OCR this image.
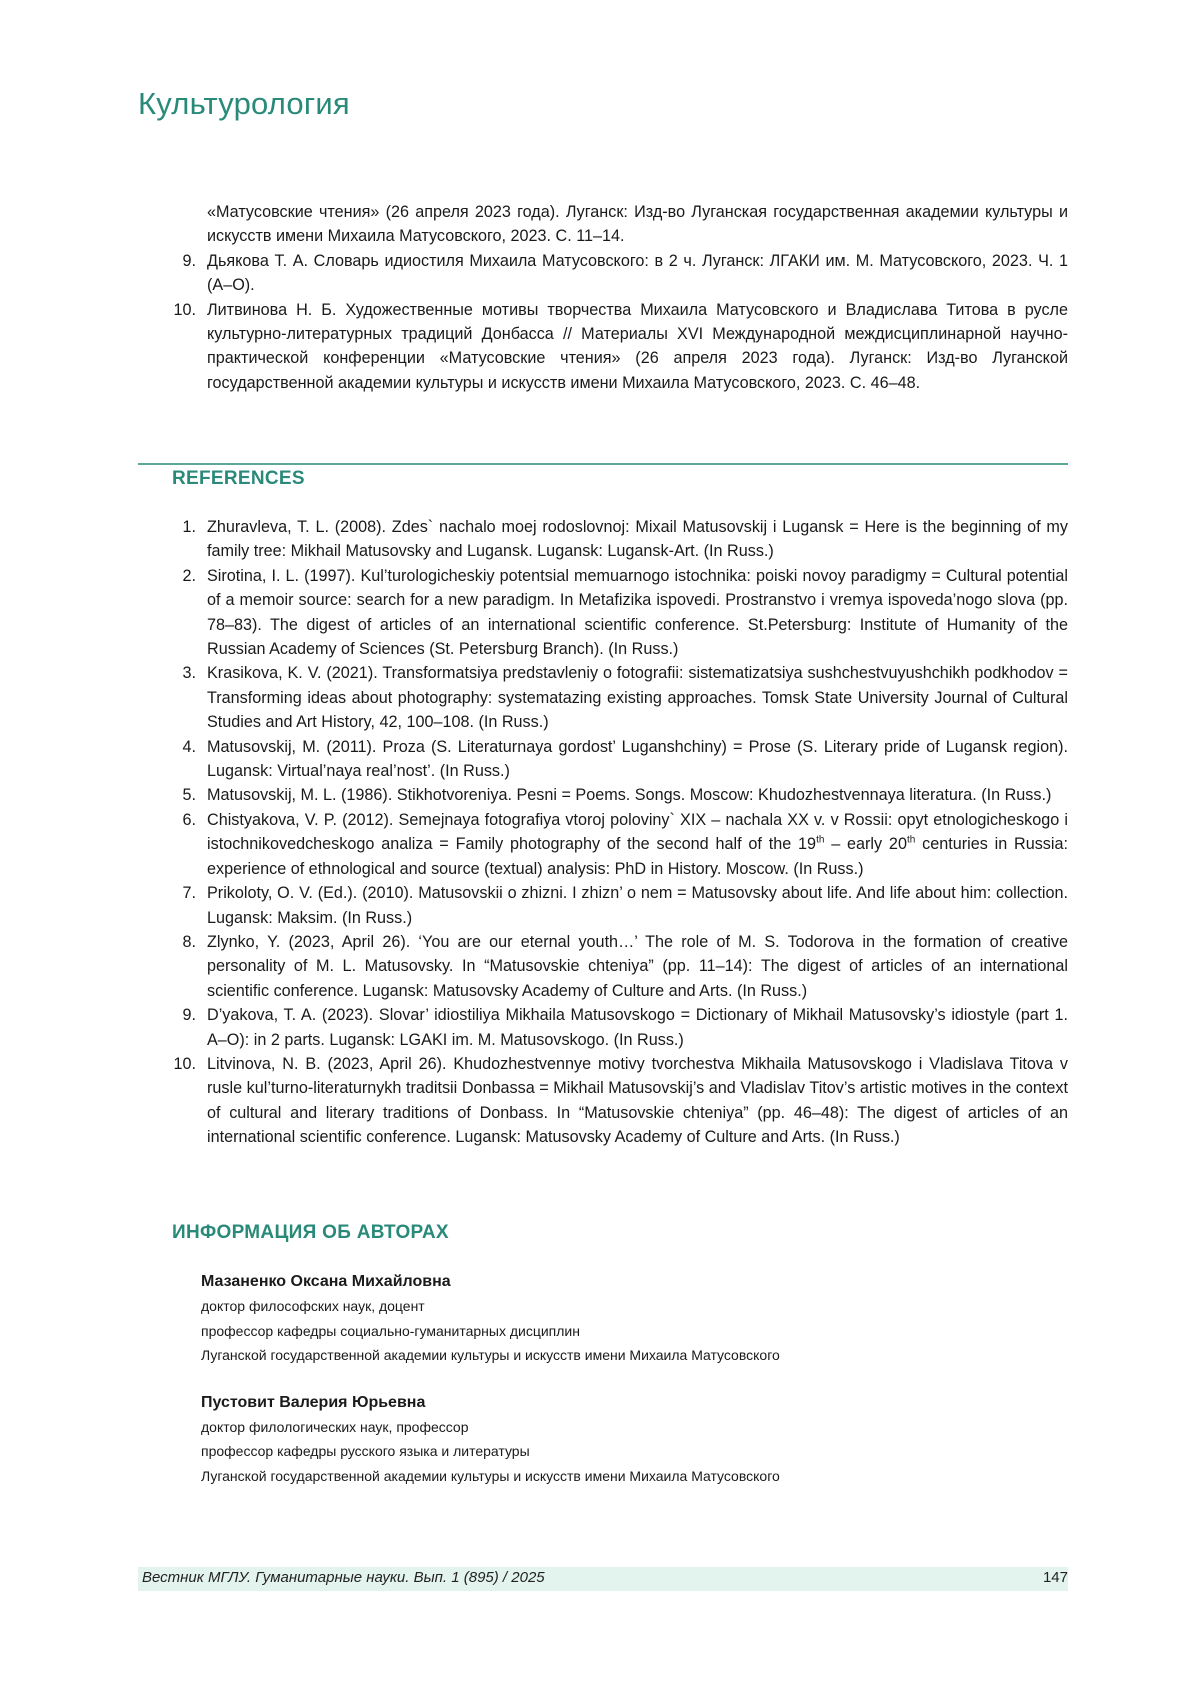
Культурология
«Матусовские чтения» (26 апреля 2023 года). Луганск: Изд-во Луганская государственная академии культуры и искусств имени Михаила Матусовского, 2023. С. 11–14.
9. Дьякова Т. А. Словарь идиостиля Михаила Матусовского: в 2 ч. Луганск: ЛГАКИ им. М. Матусовского, 2023. Ч. 1 (А–О).
10. Литвинова Н. Б. Художественные мотивы творчества Михаила Матусовского и Владислава Титова в русле культурно-литературных традиций Донбасса // Материалы XVI Международной междисциплинарной научно-практической конференции «Матусовские чтения» (26 апреля 2023 года). Луганск: Изд-во Луганской государственной академии культуры и искусств имени Михаила Матусовского, 2023. С. 46–48.
REFERENCES
1. Zhuravleva, T. L. (2008). Zdes` nachalo moej rodoslovnoj: Mixail Matusovskij i Lugansk = Here is the beginning of my family tree: Mikhail Matusovsky and Lugansk. Lugansk: Lugansk-Art. (In Russ.)
2. Sirotina, I. L. (1997). Kul’turologicheskiy potentsial memuarnogo istochnika: poiski novoy paradigmy = Cultural potential of a memoir source: search for a new paradigm. In Metafizika ispovedi. Prostranstvo i vremya ispoveda’nogo slova (pp. 78–83). The digest of articles of an international scientific conference. St.Petersburg: Institute of Humanity of the Russian Academy of Sciences (St. Petersburg Branch). (In Russ.)
3. Krasikova, K. V. (2021). Transformatsiya predstavleniy o fotografii: sistematizatsiya sushchestvuyushchikh podkhodov = Transforming ideas about photography: systematazing existing approaches. Tomsk State University Journal of Cultural Studies and Art History, 42, 100–108. (In Russ.)
4. Matusovskij, M. (2011). Proza (S. Literaturnaya gordost’ Luganshchiny) = Prose (S. Literary pride of Lugansk region). Lugansk: Virtual’naya real’nost’. (In Russ.)
5. Matusovskij, M. L. (1986). Stikhotvoreniya. Pesni = Poems. Songs. Moscow: Khudozhestvennaya literatura. (In Russ.)
6. Chistyakova, V. P. (2012). Semejnaya fotografiya vtoroj poloviny` XIX – nachala XX v. v Rossii: opyt etnologicheskogo i istochnikovedcheskogo analiza = Family photography of the second half of the 19th – early 20th centuries in Russia: experience of ethnological and source (textual) analysis: PhD in History. Moscow. (In Russ.)
7. Prikoloty, O. V. (Ed.). (2010). Matusovskii o zhizni. I zhizn’ o nem = Matusovsky about life. And life about him: collection. Lugansk: Maksim. (In Russ.)
8. Zlynko, Y. (2023, April 26). ‘You are our eternal youth…’ The role of M. S. Todorova in the formation of creative personality of M. L. Matusovsky. In “Matusovskie chteniya” (pp. 11–14): The digest of articles of an international scientific conference. Lugansk: Matusovsky Academy of Culture and Arts. (In Russ.)
9. D’yakova, T. A. (2023). Slovar’ idiostiliya Mikhaila Matusovskogo = Dictionary of Mikhail Matusovsky’s idiostyle (part 1. A–O): in 2 parts. Lugansk: LGAKI im. M. Matusovskogo. (In Russ.)
10. Litvinova, N. B. (2023, April 26). Khudozhestvennye motivy tvorchestva Mikhaila Matusovskogo i Vladislava Titova v rusle kul’turno-literaturnykh traditsii Donbassa = Mikhail Matusovskij’s and Vladislav Titov’s artistic motives in the context of cultural and literary traditions of Donbass. In “Matusovskie chteniya” (pp. 46–48): The digest of articles of an international scientific conference. Lugansk: Matusovsky Academy of Culture and Arts. (In Russ.)
ИНФОРМАЦИЯ ОБ АВТОРАХ
Мазаненко Оксана Михайловна
доктор философских наук, доцент
профессор кафедры социально-гуманитарных дисциплин
Луганской государственной академии культуры и искусств имени Михаила Матусовского
Пустовит Валерия Юрьевна
доктор филологических наук, профессор
профессор кафедры русского языка и литературы
Луганской государственной академии культуры и искусств имени Михаила Матусовского
Вестник МГЛУ. Гуманитарные науки. Вып. 1 (895) / 2025	147
